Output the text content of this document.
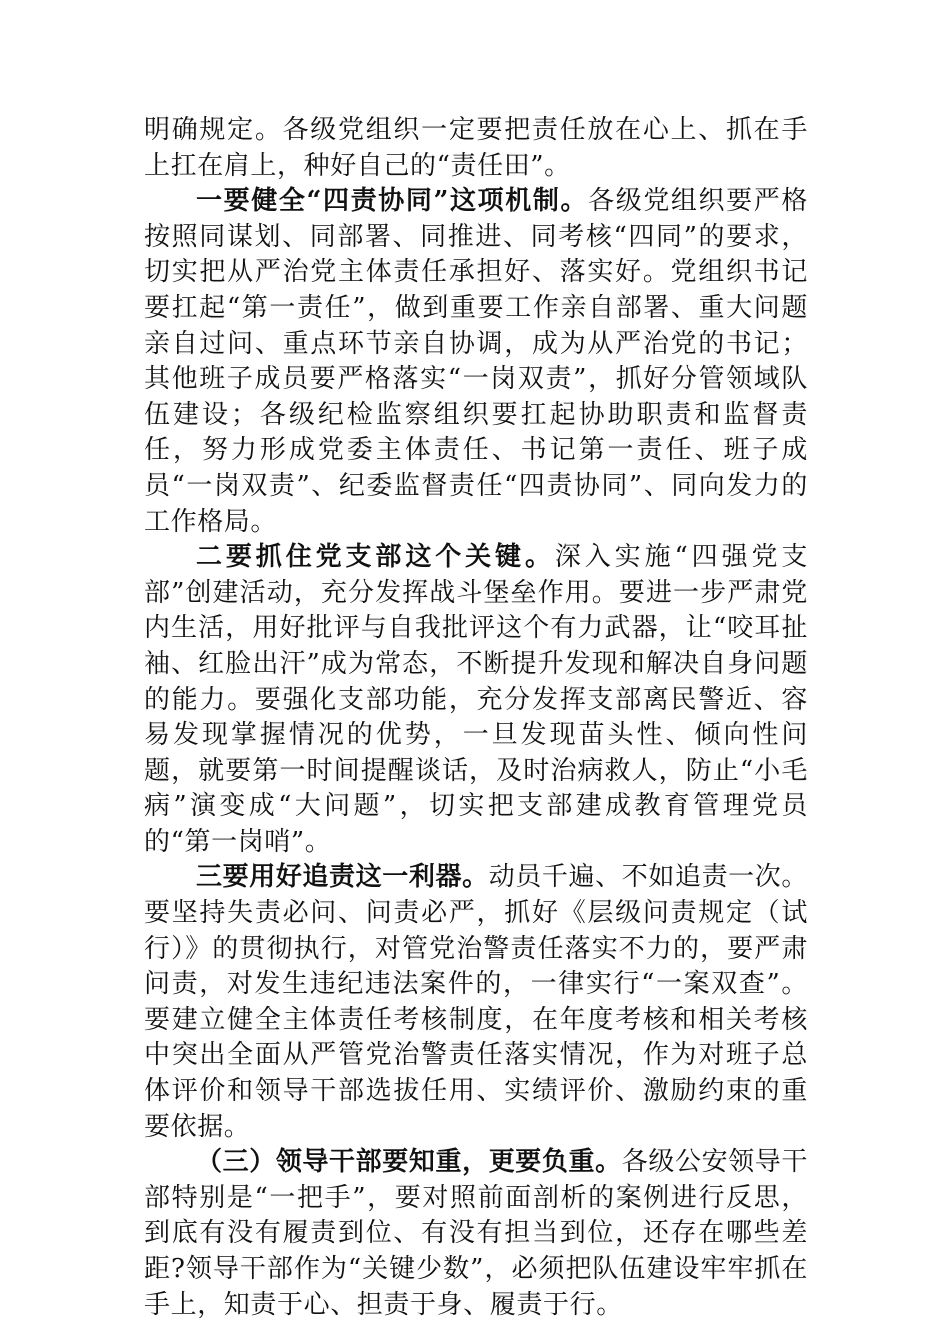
明确规定。各级党组织一定要把责任放在心上、抓在手上扛在肩上，种好自己的“责任田”。

一要健全“四责协同”这项机制。各级党组织要严格按照同谋划、同部署、同推进、同考核“四同”的要求，切实把从严治党主体责任承担好、落实好。党组织书记要扛起“第一责任”，做到重要工作亲自部署、重大问题亲自过问、重点环节亲自协调，成为从严治党的书记；其他班子成员要严格落实“一岗双责”，抓好分管领域队伍建设；各级纪检监察组织要扛起协助职责和监督责任，努力形成党委主体责任、书记第一责任、班子成员“一岗双责”、纪委监督责任“四责协同”、同向发力的工作格局。

二要抓住党支部这个关键。深入实施“四强党支部”创建活动，充分发挥战斗堡垒作用。要进一步严肃党内生活，用好批评与自我批评这个有力武器，让“咬耳扯袖、红脸出汗”成为常态，不断提升发现和解决自身问题的能力。要强化支部功能，充分发挥支部离民警近、容易发现掌握情况的优势，一旦发现苗头性、倾向性问题，就要第一时间提醒谈话，及时治病救人，防止“小毛病”演变成“大问题”，切实把支部建成教育管理党员的“第一岗哨”。

三要用好追责这一利器。动员千遍、不如追责一次。要坚持失责必问、问责必严，抓好《层级问责规定（试行）》的贯彻执行，对管党治警责任落实不力的，要严肃问责，对发生违纪违法案件的，一律实行“一案双查”。要建立健全主体责任考核制度，在年度考核和相关考核中突出全面从严管党治警责任落实情况，作为对班子总体评价和领导干部选拔任用、实绩评价、激励约束的重要依据。

（三）领导干部要知重，更要负重。各级公安领导干部特别是“一把手”，要对照前面剖析的案例进行反思，到底有没有履责到位、有没有担当到位，还存在哪些差距?领导干部作为“关键少数”，必须把队伍建设牢牢抓在手上，知责于心、担责于身、履责于行。
